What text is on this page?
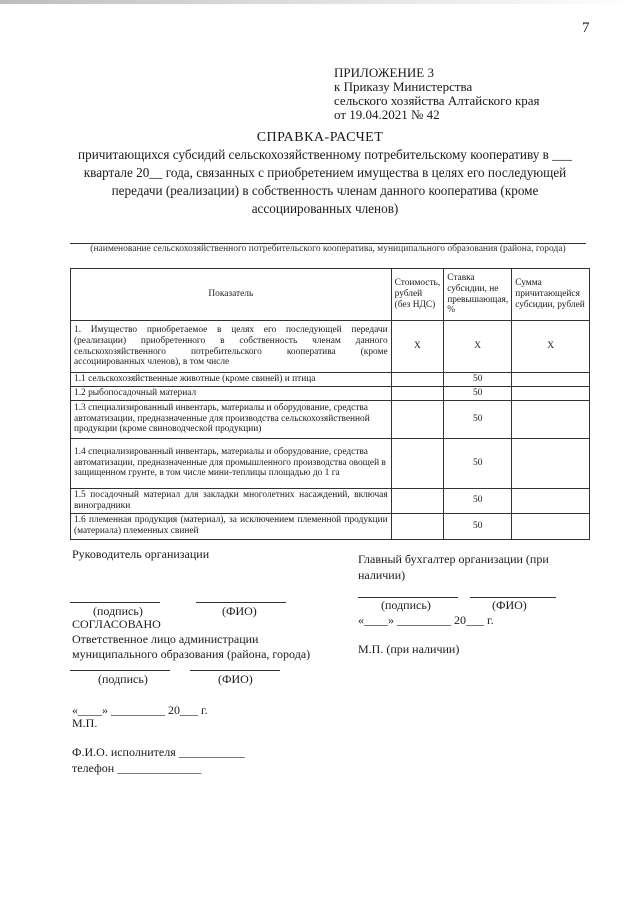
7
ПРИЛОЖЕНИЕ 3
к Приказу Министерства
сельского хозяйства Алтайского края
от 19.04.2021 № 42
СПРАВКА-РАСЧЕТ
причитающихся субсидий сельскохозяйственному потребительскому кооперативу в ___ квартале 20__ года, связанных с приобретением имущества в целях его последующей передачи (реализации) в собственность членам данного кооператива (кроме ассоциированных членов)
(наименование сельскохозяйственного потребительского кооператива, муниципального образования (района, города)
Показатель	Стоимость, рублей (без НДС)	Ставка субсидии, не превышающая, %	Сумма причитающейся субсидии, рублей
1. Имущество приобретаемое в целях его последующей передачи (реализации) приобретенного в собственность членам данного сельскохозяйственного потребительского кооператива (кроме ассоциированных членов), в том числе	Х	Х	Х
1.1 сельскохозяйственные животные (кроме свиней) и птица		50	
1.2 рыбопосадочный материал		50	
1.3 специализированный инвентарь, материалы и оборудование, средства автоматизации, предназначенные для производства сельскохозяйственной продукции (кроме свиноводческой продукции)		50	
1.4 специализированный инвентарь, материалы и оборудование, средства автоматизации, предназначенные для промышленного производства овощей в защищенном грунте, в том числе мини-теплицы площадью до 1 га		50	
1.5 посадочный материал для закладки многолетних насаждений, включая виноградники		50	
1.6 племенная продукция (материал), за исключением племенной продукции (материала) племенных свиней		50	
Руководитель организации
(подпись)	(ФИО)
СОГЛАСОВАНО
Ответственное лицо администрации муниципального образования (района, города)
(подпись)	(ФИО)
«____» _________ 20___ г.
М.П.
Ф.И.О. исполнителя ___________
телефон ______________
Главный бухгалтер организации (при наличии)
(подпись)	(ФИО)
«____» _________ 20___ г.
М.П. (при наличии)
